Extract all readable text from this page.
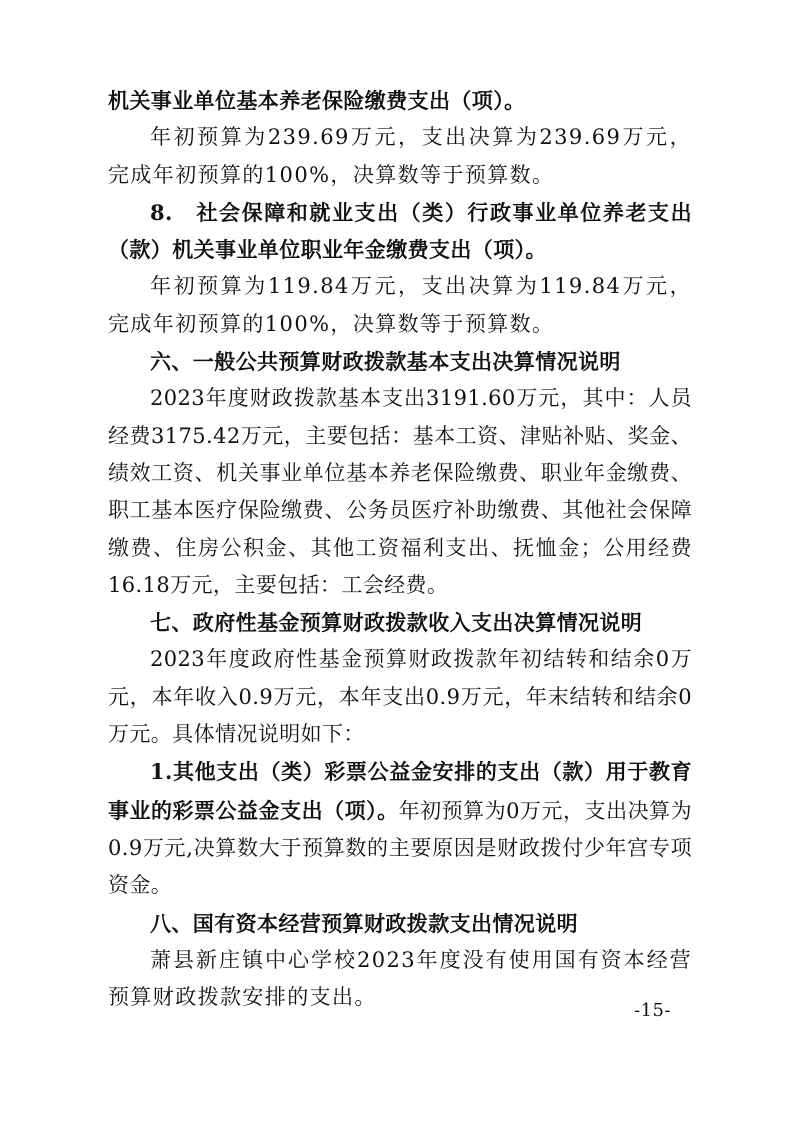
机关事业单位基本养老保险缴费支出（项）。

年初预算为239.69万元，支出决算为239.69万元，完成年初预算的100%，决算数等于预算数。

8.　社会保障和就业支出（类）行政事业单位养老支出（款）机关事业单位职业年金缴费支出（项）。

年初预算为119.84万元，支出决算为119.84万元，完成年初预算的100%，决算数等于预算数。

六、一般公共预算财政拨款基本支出决算情况说明

2023年度财政拨款基本支出3191.60万元，其中：人员经费3175.42万元，主要包括：基本工资、津贴补贴、奖金、绩效工资、机关事业单位基本养老保险缴费、职业年金缴费、职工基本医疗保险缴费、公务员医疗补助缴费、其他社会保障缴费、住房公积金、其他工资福利支出、抚恤金；公用经费16.18万元，主要包括：工会经费。

七、政府性基金预算财政拨款收入支出决算情况说明

2023年度政府性基金预算财政拨款年初结转和结余0万元，本年收入0.9万元，本年支出0.9万元，年末结转和结余0万元。具体情况说明如下：

1.其他支出（类）彩票公益金安排的支出（款）用于教育事业的彩票公益金支出（项）。年初预算为0万元，支出决算为0.9万元,决算数大于预算数的主要原因是财政拨付少年宫专项资金。

八、国有资本经营预算财政拨款支出情况说明

萧县新庄镇中心学校2023年度没有使用国有资本经营预算财政拨款安排的支出。

-15-
